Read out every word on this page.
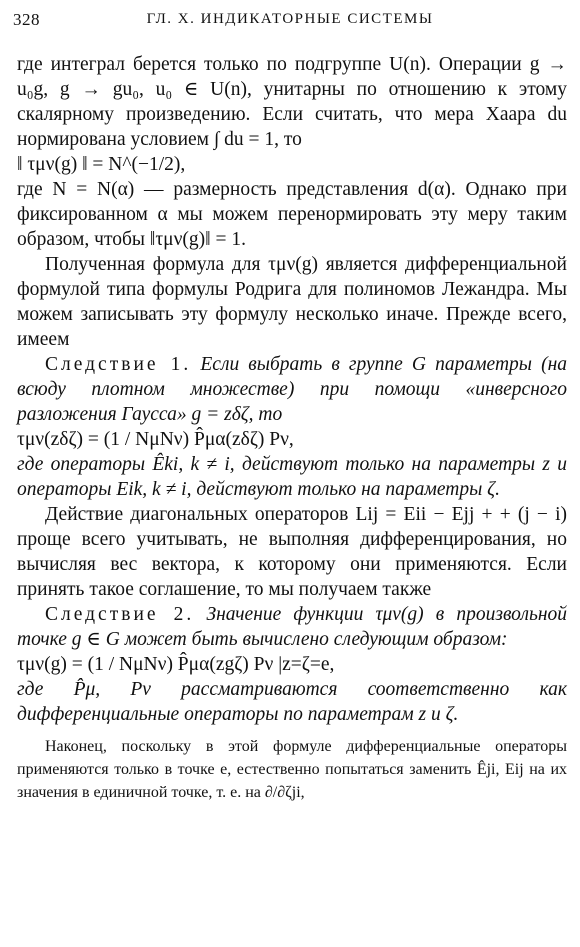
328	ГЛ. X. ИНДИКАТОРНЫЕ СИСТЕМЫ

где интеграл берется только по подгруппе U(n). Операции g → u₀g, g → gu₀, u₀ ∈ U(n), унитарны по отношению к этому скалярному произведению. Если считать, что мера Хаара du нормирована условием ∫ du = 1, то

‖ τμν(g) ‖ = N^(−1/2),

где N = N(α) — размерность представления d(α). Однако при фиксированном α мы можем перенормировать эту меру таким образом, чтобы ‖τμν(g)‖ = 1.

Полученная формула для τμν(g) является дифференциальной формулой типа формулы Родрига для полиномов Лежандра. Мы можем записывать эту формулу несколько иначе. Прежде всего, имеем

Следствие 1. Если выбрать в группе G параметры (на всюду плотном множестве) при помощи «инверсного разложения Гаусса» g = zδζ, то

τμν(zδζ) = (1 / NμNν) P̂μα(zδζ) Pν,

где операторы Êki, k ≠ i, действуют только на параметры z и операторы Eik, k ≠ i, действуют только на параметры ζ.

Действие диагональных операторов Lij = Eii − Ejj + + (j − i) проще всего учитывать, не выполняя дифференцирования, но вычисляя вес вектора, к которому они применяются. Если принять такое соглашение, то мы получаем также

Следствие 2. Значение функции τμν(g) в произвольной точке g ∈ G может быть вычислено следующим образом:

τμν(g) = (1 / NμNν) P̂μα(zgζ) Pν |z=ζ=e,

где P̂μ, Pν рассматриваются соответственно как дифференциальные операторы по параметрам z и ζ.

Наконец, поскольку в этой формуле дифференциальные операторы применяются только в точке e, естественно попытаться заменить Êji, Eij на их значения в единичной точке, т. е. на ∂/∂ζji,
